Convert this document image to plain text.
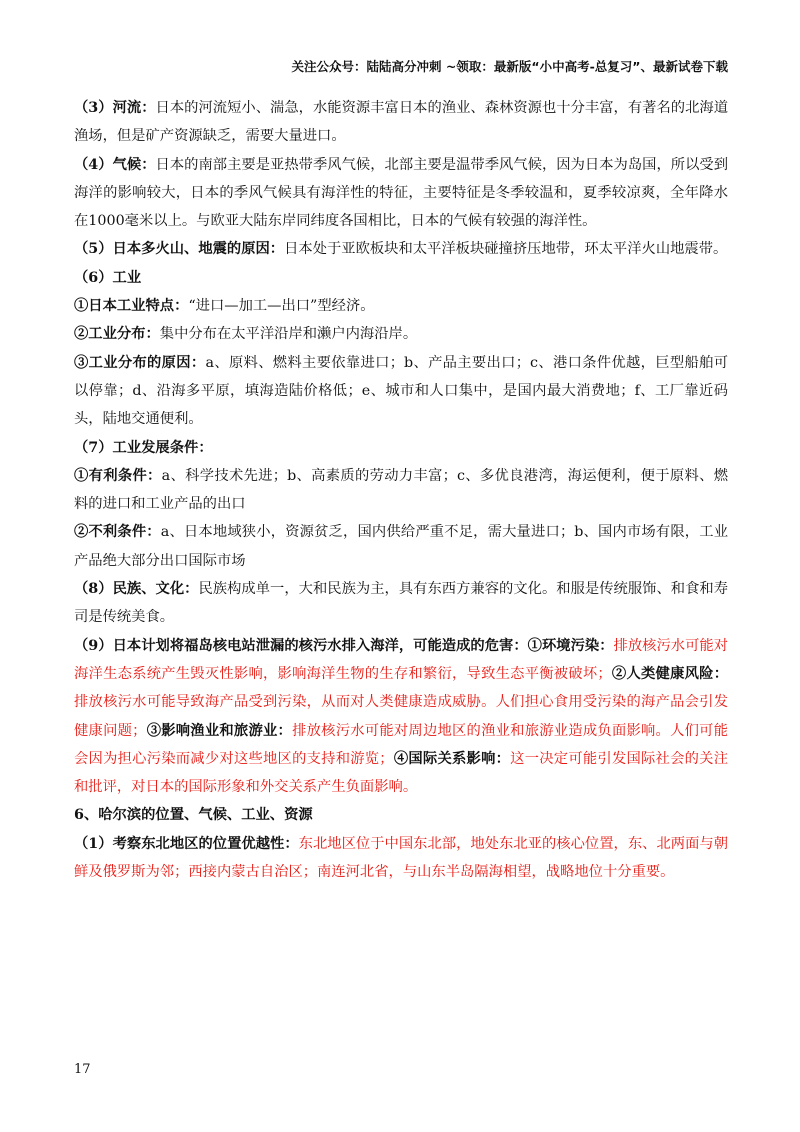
关注公众号：陆陆高分冲刺 ~领取：最新版“小中高考-总复习”、最新试卷下载

（3）河流：日本的河流短小、湍急，水能资源丰富日本的渔业、森林资源也十分丰富，有著名的北海道渔场，但是矿产资源缺乏，需要大量进口。

（4）气候：日本的南部主要是亚热带季风气候，北部主要是温带季风气候，因为日本为岛国，所以受到海洋的影响较大，日本的季风气候具有海洋性的特征，主要特征是冬季较温和，夏季较凉爽，全年降水在1000毫米以上。与欧亚大陆东岸同纬度各国相比，日本的气候有较强的海洋性。

（5）日本多火山、地震的原因：日本处于亚欧板块和太平洋板块碰撞挤压地带，环太平洋火山地震带。

（6）工业

①日本工业特点：“进口—加工—出口”型经济。

②工业分布：集中分布在太平洋沿岸和濑户内海沿岸。

③工业分布的原因：a、原料、燃料主要依靠进口；b、产品主要出口；c、港口条件优越，巨型船舶可以停靠；d、沿海多平原，填海造陆价格低；e、城市和人口集中，是国内最大消费地；f、工厂靠近码头，陆地交通便利。

（7）工业发展条件：

①有利条件：a、科学技术先进；b、高素质的劳动力丰富；c、多优良港湾，海运便利，便于原料、燃料的进口和工业产品的出口

②不利条件：a、日本地域狭小，资源贫乏，国内供给严重不足，需大量进口；b、国内市场有限，工业产品绝大部分出口国际市场

（8）民族、文化：民族构成单一，大和民族为主，具有东西方兼容的文化。和服是传统服饰、和食和寿司是传统美食。

（9）日本计划将福岛核电站泄漏的核污水排入海洋，可能造成的危害：①环境污染：排放核污水可能对海洋生态系统产生毁灭性影响，影响海洋生物的生存和繁衍，导致生态平衡被破坏；②人类健康风险：排放核污水可能导致海产品受到污染，从而对人类健康造成威胁。人们担心食用受污染的海产品会引发健康问题；③影响渔业和旅游业：排放核污水可能对周边地区的渔业和旅游业造成负面影响。人们可能会因为担心污染而减少对这些地区的支持和游览；④国际关系影响：这一决定可能引发国际社会的关注和批评，对日本的国际形象和外交关系产生负面影响。

6、哈尔滨的位置、气候、工业、资源

（1）考察东北地区的位置优越性：东北地区位于中国东北部，地处东北亚的核心位置，东、北两面与朝鲜及俄罗斯为邻；西接内蒙古自治区；南连河北省，与山东半岛隔海相望，战略地位十分重要。

17
